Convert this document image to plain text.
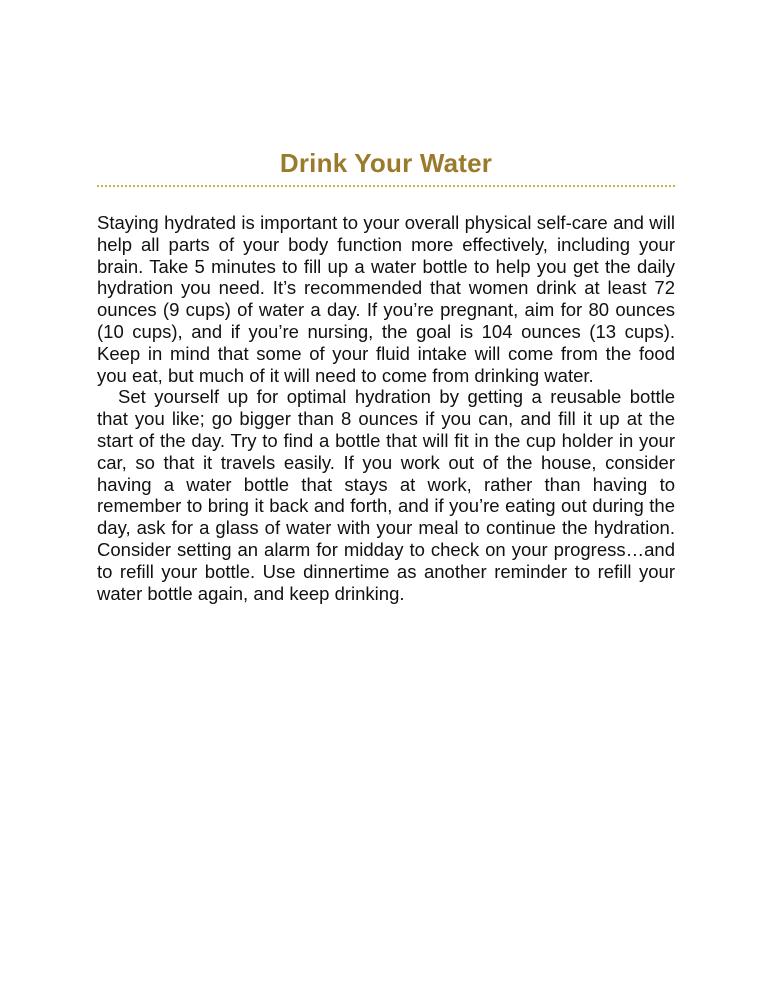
Drink Your Water

Staying hydrated is important to your overall physical self-care and will help all parts of your body function more effectively, including your brain. Take 5 minutes to fill up a water bottle to help you get the daily hydration you need. It’s recommended that women drink at least 72 ounces (9 cups) of water a day. If you’re pregnant, aim for 80 ounces (10 cups), and if you’re nursing, the goal is 104 ounces (13 cups). Keep in mind that some of your fluid intake will come from the food you eat, but much of it will need to come from drinking water.

Set yourself up for optimal hydration by getting a reusable bottle that you like; go bigger than 8 ounces if you can, and fill it up at the start of the day. Try to find a bottle that will fit in the cup holder in your car, so that it travels easily. If you work out of the house, consider having a water bottle that stays at work, rather than having to remember to bring it back and forth, and if you’re eating out during the day, ask for a glass of water with your meal to continue the hydration. Consider setting an alarm for midday to check on your progress…and to refill your bottle. Use dinnertime as another reminder to refill your water bottle again, and keep drinking.
